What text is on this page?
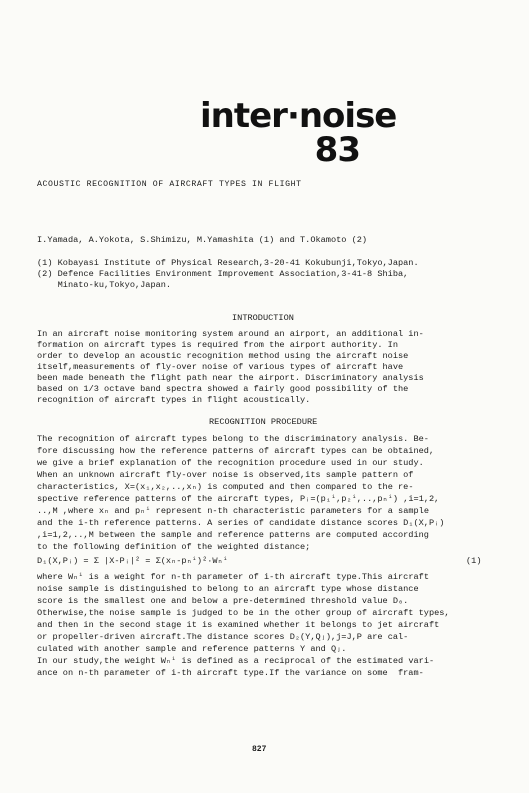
inter·noise
83
ACOUSTIC RECOGNITION OF AIRCRAFT TYPES IN FLIGHT
I.Yamada, A.Yokota, S.Shimizu, M.Yamashita (1) and T.Okamoto (2)
(1) Kobayasi Institute of Physical Research,3-20-41 Kokubunji,Tokyo,Japan.
(2) Defence Facilities Environment Improvement Association,3-41-8 Shiba,
Minato-ku,Tokyo,Japan.
INTRODUCTION
In an aircraft noise monitoring system around an airport, an additional in-
formation on aircraft types is required from the airport authority. In
order to develop an acoustic recognition method using the aircraft noise
itself,measurements of fly-over noise of various types of aircraft have
been made beneath the flight path near the airport. Discriminatory analysis
based on 1/3 octave band spectra showed a fairly good possibility of the
recognition of aircraft types in flight acoustically.
RECOGNITION PROCEDURE
The recognition of aircraft types belong to the discriminatory analysis. Be-
fore discussing how the reference patterns of aircraft types can be obtained,
we give a brief explanation of the recognition procedure used in our study.
When an unknown aircraft fly-over noise is observed,its sample pattern of
characteristics, X=(x₁,x₂,..,xₙ) is computed and then compared to the re-
spective reference patterns of the aircraft types, Pᵢ=(p₁ⁱ,p₂ⁱ,..,pₙⁱ) ,i=1,2,
..,M ,where xₙ and pₙⁱ represent n-th characteristic parameters for a sample
and the i-th reference patterns. A series of candidate distance scores D₁(X,Pᵢ)
,i=1,2,..,M between the sample and reference patterns are computed according
to the following definition of the weighted distance;
D₁(X,Pᵢ) = Σ |X-Pᵢ|² = Σ(xₙ-pₙⁱ)²·Wₙⁱ	(1)
where Wₙⁱ is a weight for n-th parameter of i-th aircraft type.This aircraft
noise sample is distinguished to belong to an aircraft type whose distance
score is the smallest one and below a pre-determined threshold value D₀.
Otherwise,the noise sample is judged to be in the other group of aircraft types,
and then in the second stage it is examined whether it belongs to jet aircraft
or propeller-driven aircraft.The distance scores D₂(Y,Qⱼ),j=J,P are cal-
culated with another sample and reference patterns Y and Qⱼ.
In our study,the weight Wₙⁱ is defined as a reciprocal of the estimated vari-
ance on n-th parameter of i-th aircraft type.If the variance on some  fram-
827
